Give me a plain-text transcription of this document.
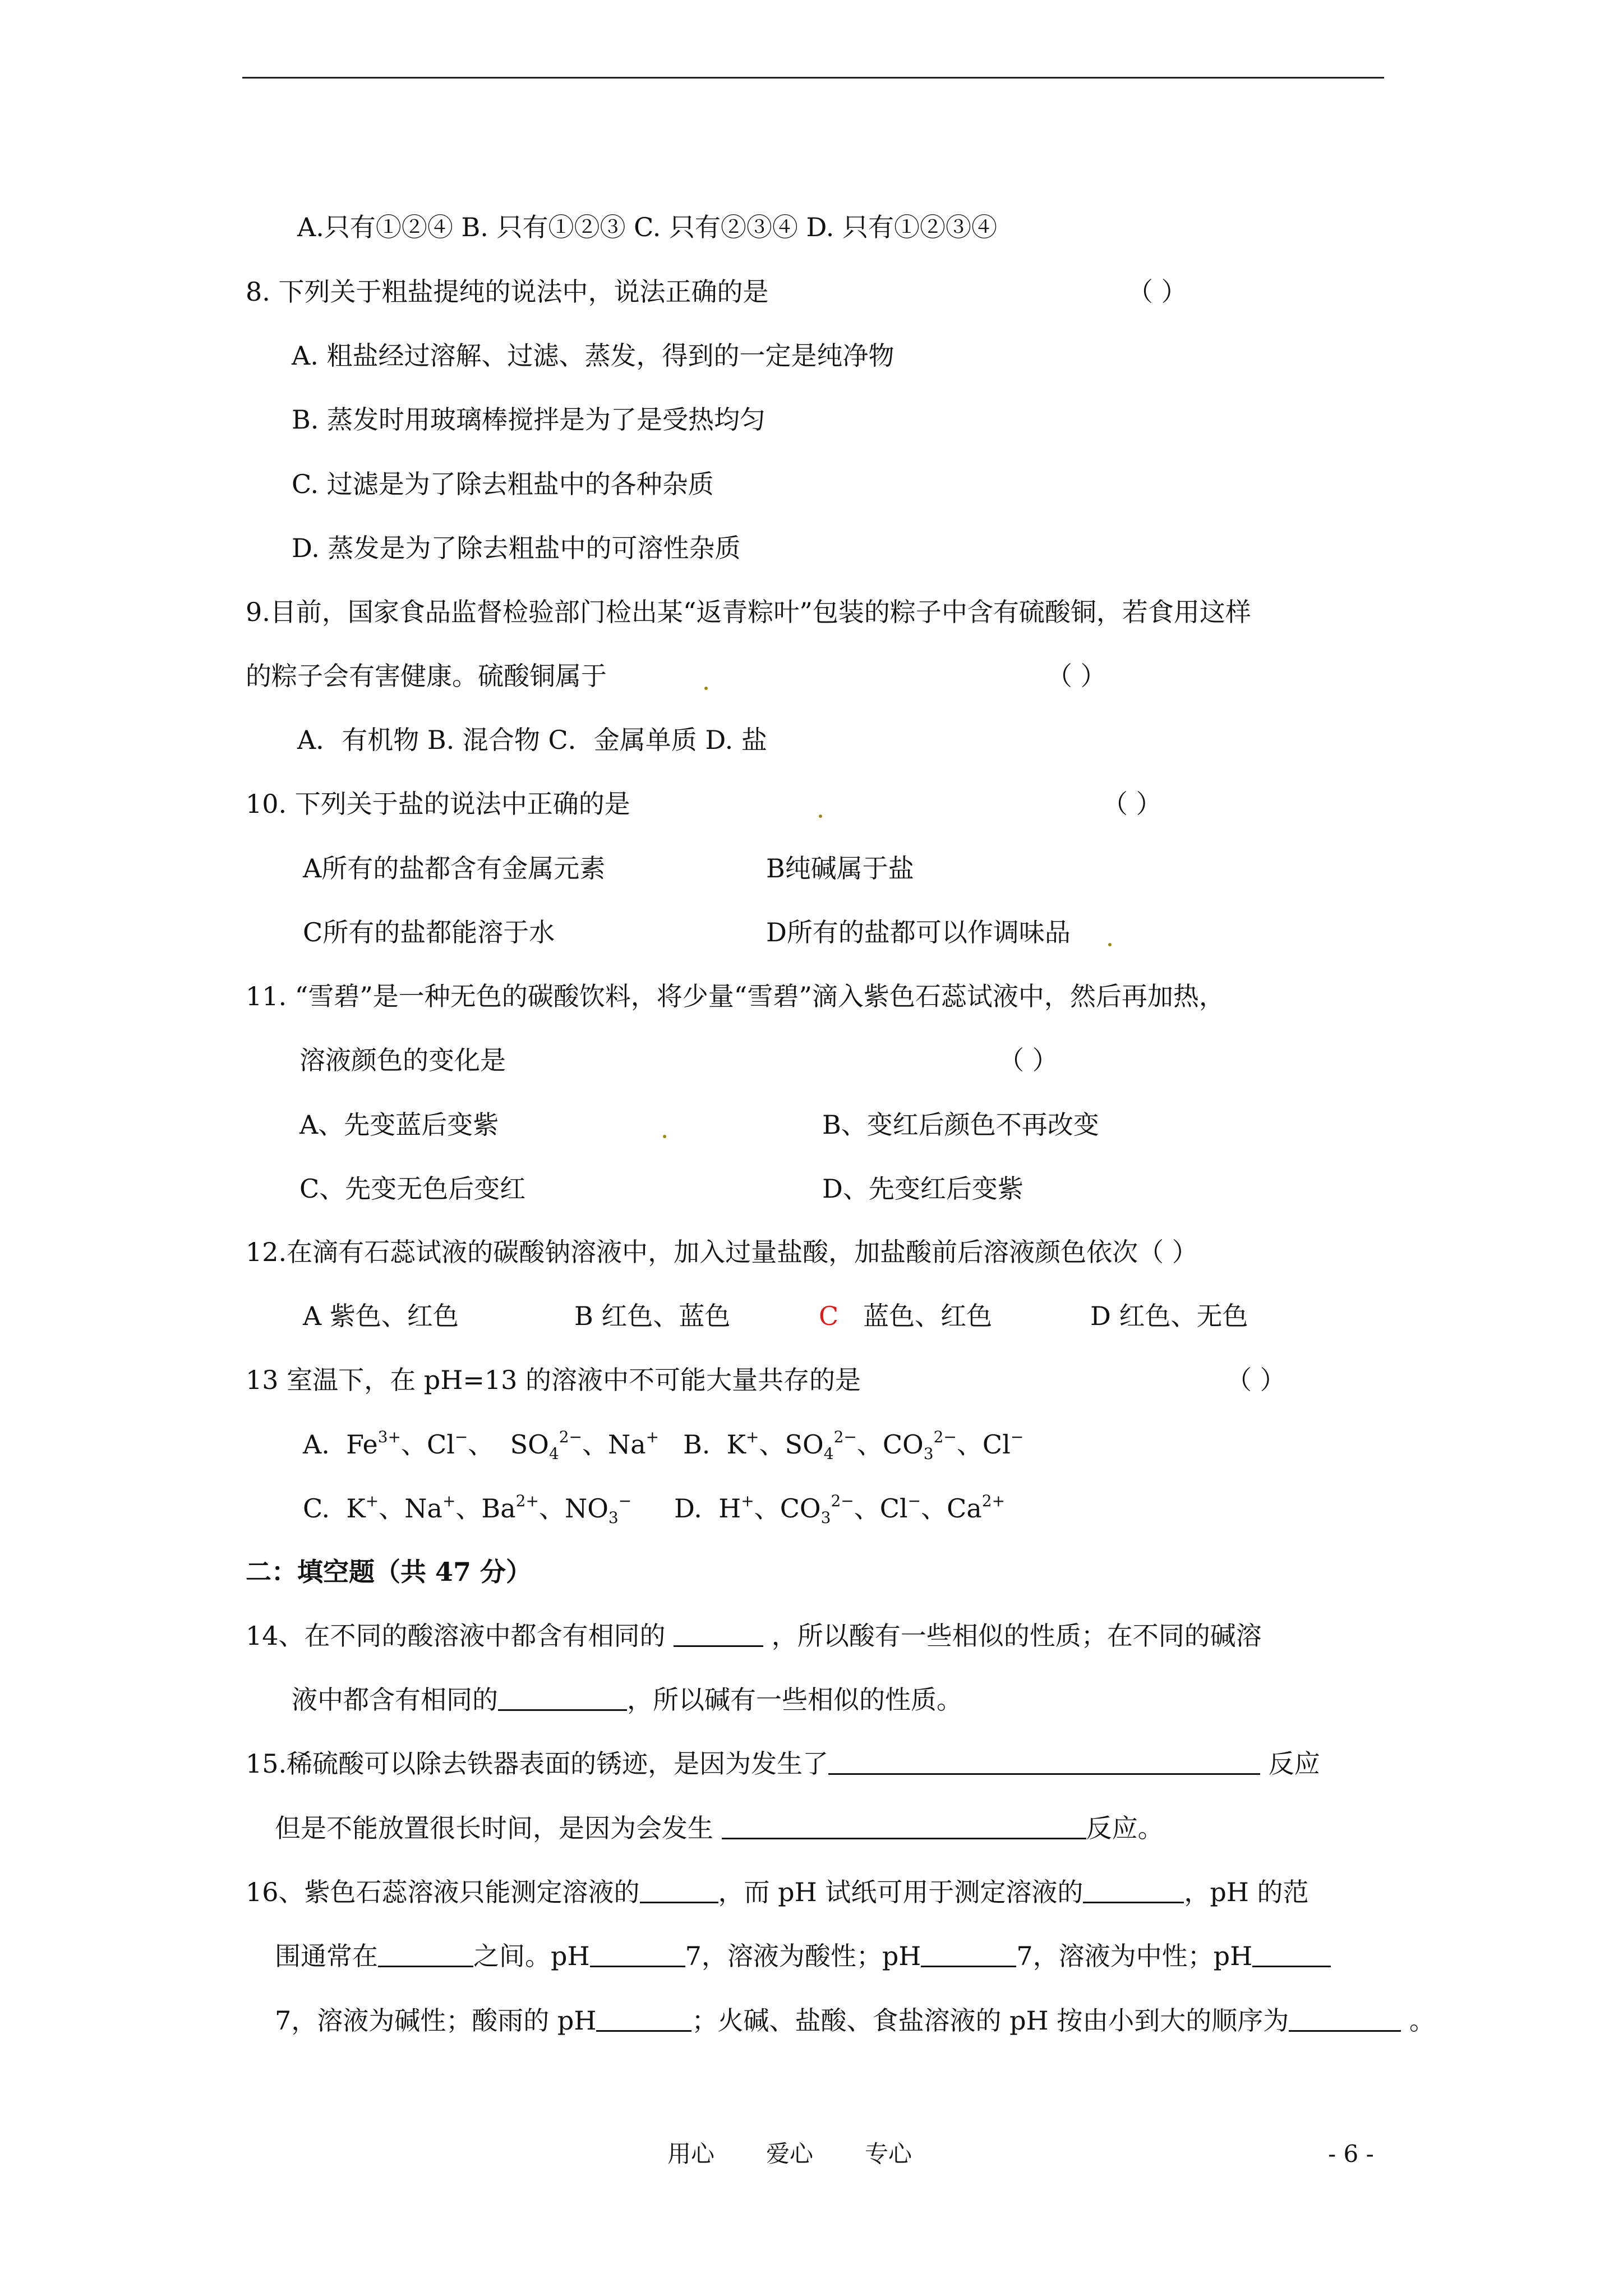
A.只有①②④ B. 只有①②③ C. 只有②③④ D. 只有①②③④
8. 下列关于粗盐提纯的说法中，说法正确的是	（ ）
A. 粗盐经过溶解、过滤、蒸发，得到的一定是纯净物
B. 蒸发时用玻璃棒搅拌是为了是受热均匀
C. 过滤是为了除去粗盐中的各种杂质
D. 蒸发是为了除去粗盐中的可溶性杂质
9.目前，国家食品监督检验部门检出某“返青粽叶”包装的粽子中含有硫酸铜，若食用这样
的粽子会有害健康。硫酸铜属于	（ ）
A．有机物 B. 混合物 C．金属单质 D. 盐
10. 下列关于盐的说法中正确的是	（ ）
A所有的盐都含有金属元素	B纯碱属于盐
C所有的盐都能溶于水	D所有的盐都可以作调味品
11. “雪碧”是一种无色的碳酸饮料，将少量“雪碧”滴入紫色石蕊试液中，然后再加热，
溶液颜色的变化是	（ ）
A、先变蓝后变紫	B、变红后颜色不再改变
C、先变无色后变红	D、先变红后变紫
12.在滴有石蕊试液的碳酸钠溶液中，加入过量盐酸，加盐酸前后溶液颜色依次（ ）
A 紫色、红色	B 红色、蓝色	C 蓝色、红色	D 红色、无色
13 室温下，在 pH=13 的溶液中不可能大量共存的是	（ ）
A.  $Fe^{3+}$、Cl−、  $SO_4^{2-}$、Na+ B.  K+、$SO_4^{2-}$、$CO_3^{2-}$、Cl−
C.  K+、Na+、$Ba^{2+}$、$NO_3^-$ D.  H+、$CO_3^{2-}$、Cl−、$Ca^{2+}$
二：填空题（共 47 分）
14、在不同的酸溶液中都含有相同的	，所以酸有一些相似的性质；在不同的碱溶
液中都含有相同的	，所以碱有一些相似的性质。
15.稀硫酸可以除去铁器表面的锈迹，是因为发生了	反应
但是不能放置很长时间，是因为会发生	反应。
16、紫色石蕊溶液只能测定溶液的	，而 pH 试纸可用于测定溶液的	，pH 的范
围通常在	之间。pH	7，溶液为酸性；pH	7，溶液为中性；pH
7，溶液为碱性；酸雨的 pH	；火碱、盐酸、食盐溶液的 pH 按由小到大的顺序为	。
用心 爱心 专心	- 6 -
